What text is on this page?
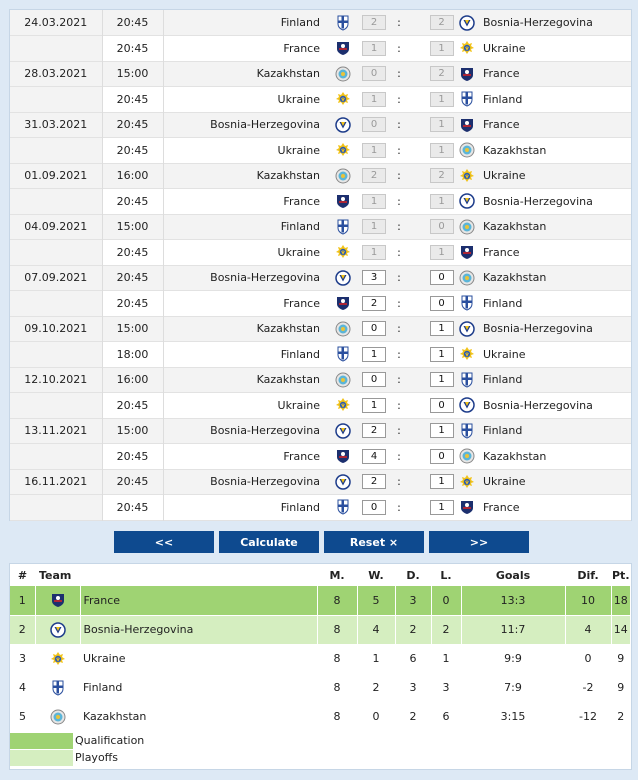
24.03.2021	20:45	Finland		2	:		2		Bosnia-Herzegovina
	20:45	France		1	:		1		Ukraine
28.03.2021	15:00	Kazakhstan		0	:		2		France
	20:45	Ukraine		1	:		1		Finland
31.03.2021	20:45	Bosnia-Herzegovina		0	:		1		France
	20:45	Ukraine		1	:		1		Kazakhstan
01.09.2021	16:00	Kazakhstan		2	:		2		Ukraine
	20:45	France		1	:		1		Bosnia-Herzegovina
04.09.2021	15:00	Finland		1	:		0		Kazakhstan
	20:45	Ukraine		1	:		1		France
07.09.2021	20:45	Bosnia-Herzegovina		3	:		0		Kazakhstan
	20:45	France		2	:		0		Finland
09.10.2021	15:00	Kazakhstan		0	:		1		Bosnia-Herzegovina
	18:00	Finland		1	:		1		Ukraine
12.10.2021	16:00	Kazakhstan		0	:		1		Finland
	20:45	Ukraine		1	:		0		Bosnia-Herzegovina
13.11.2021	15:00	Bosnia-Herzegovina		2	:		1		Finland
	20:45	France		4	:		0		Kazakhstan
16.11.2021	20:45	Bosnia-Herzegovina		2	:		1		Ukraine
	20:45	Finland		0	:		1		France
<<	Calculate	Reset ×	>>
#	Team		M.	W.	D.	L.	Goals	Dif.	Pt.
1		France	8	5	3	0	13:3	10	18
2		Bosnia-Herzegovina	8	4	2	2	11:7	4	14
3		Ukraine	8	1	6	1	9:9	0	9
4		Finland	8	2	3	3	7:9	-2	9
5		Kazakhstan	8	0	2	6	3:15	-12	2
Qualification
Playoffs
